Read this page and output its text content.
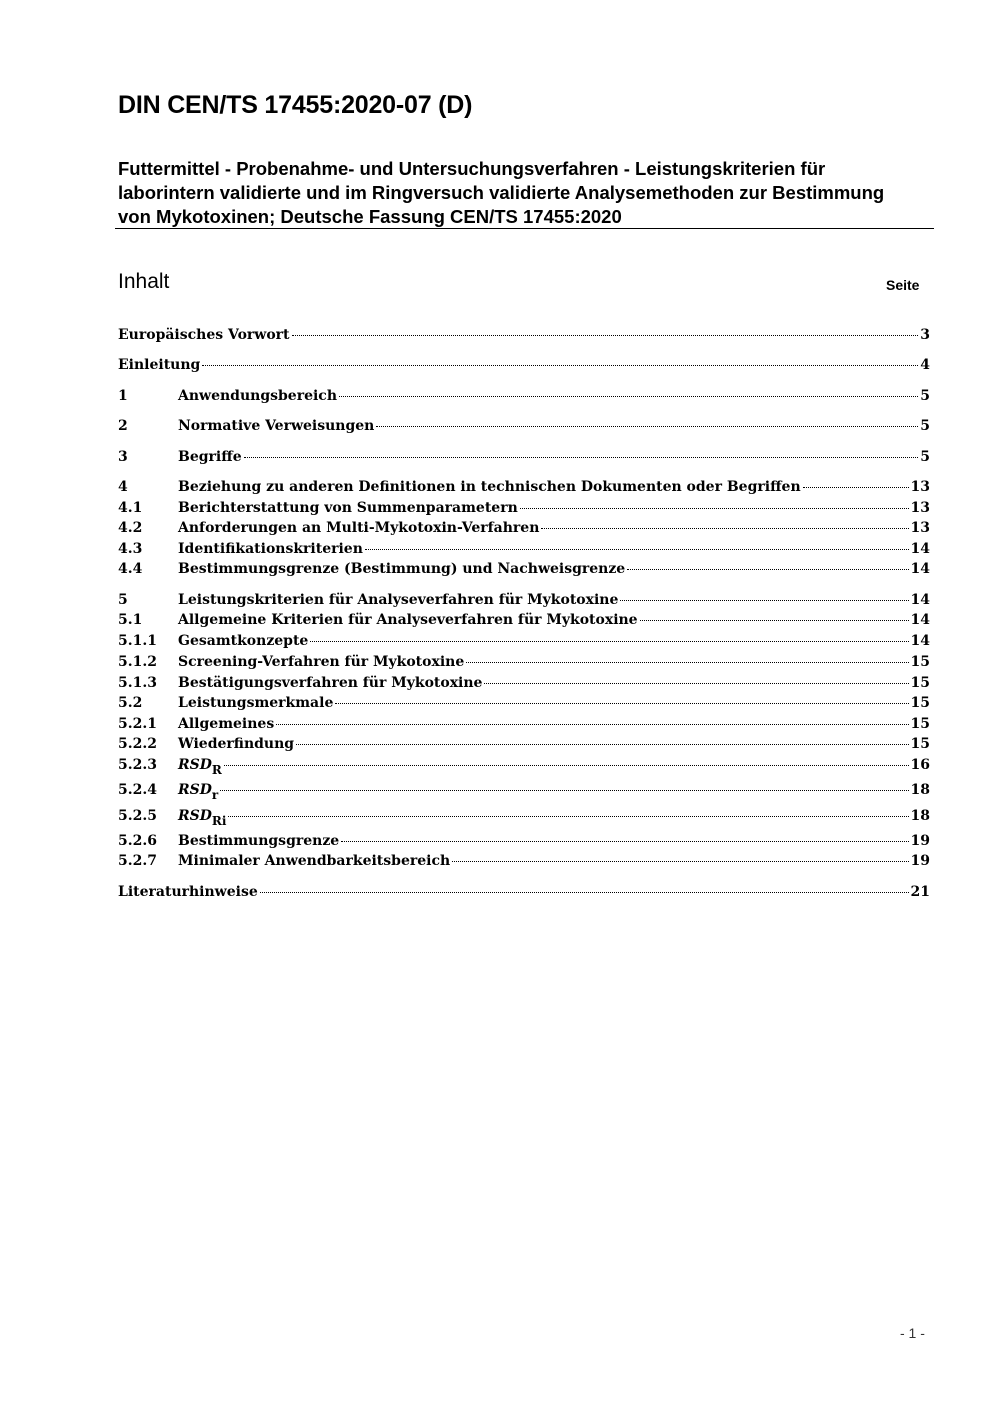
DIN CEN/TS 17455:2020-07 (D)
Futtermittel - Probenahme- und Untersuchungsverfahren - Leistungskriterien für laborintern validierte und im Ringversuch validierte Analysemethoden zur Bestimmung von Mykotoxinen; Deutsche Fassung CEN/TS 17455:2020
Inhalt	Seite
Europäisches Vorwort	3
Einleitung	4
1	Anwendungsbereich	5
2	Normative Verweisungen	5
3	Begriffe	5
4	Beziehung zu anderen Definitionen in technischen Dokumenten oder Begriffen	13
4.1	Berichterstattung von Summenparametern	13
4.2	Anforderungen an Multi-Mykotoxin-Verfahren	13
4.3	Identifikationskriterien	14
4.4	Bestimmungsgrenze (Bestimmung) und Nachweisgrenze	14
5	Leistungskriterien für Analyseverfahren für Mykotoxine	14
5.1	Allgemeine Kriterien für Analyseverfahren für Mykotoxine	14
5.1.1	Gesamtkonzepte	14
5.1.2	Screening-Verfahren für Mykotoxine	15
5.1.3	Bestätigungsverfahren für Mykotoxine	15
5.2	Leistungsmerkmale	15
5.2.1	Allgemeines	15
5.2.2	Wiederfindung	15
5.2.3	$RSD_R$	16
5.2.4	$RSD_r$	18
5.2.5	$RSD_{Ri}$	18
5.2.6	Bestimmungsgrenze	19
5.2.7	Minimaler Anwendbarkeitsbereich	19
Literaturhinweise	21
- 1 -
